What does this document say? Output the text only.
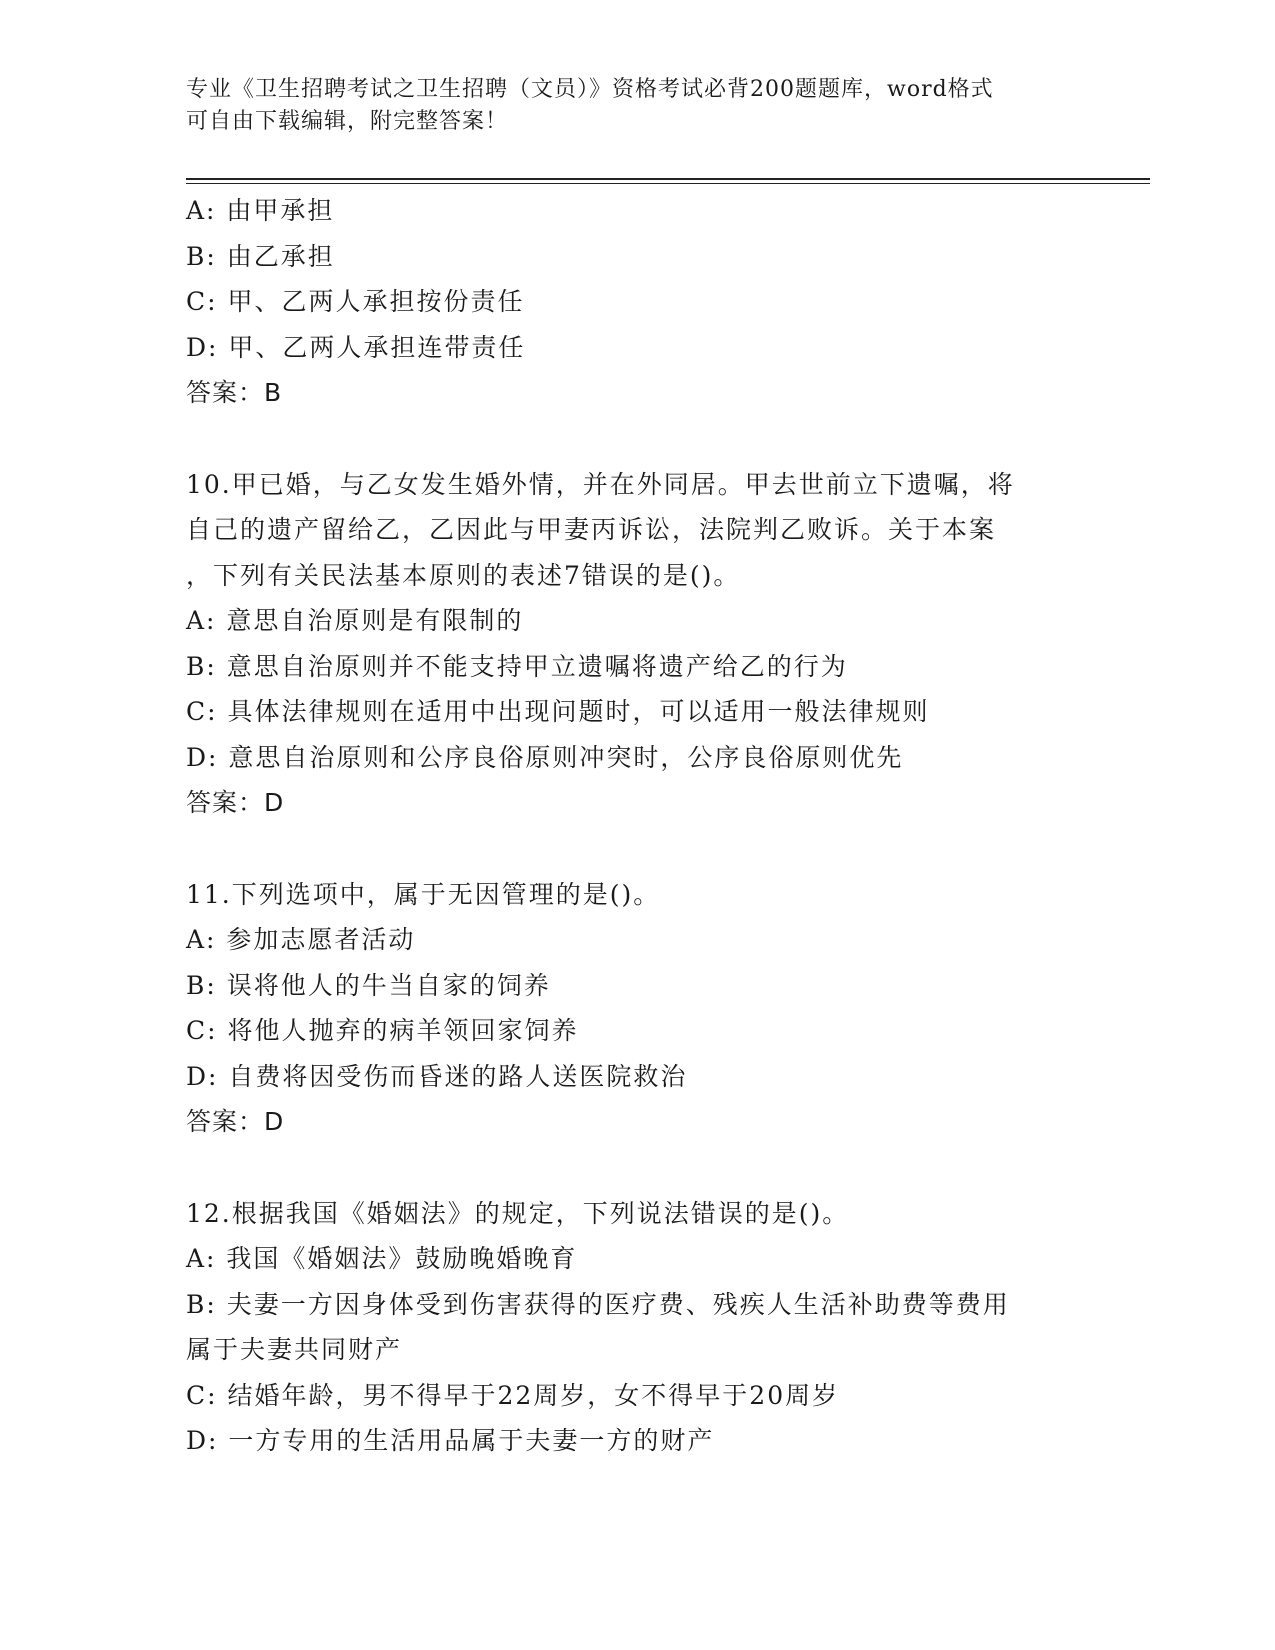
专业《卫生招聘考试之卫生招聘（文员）》资格考试必背200题题库，word格式
可自由下载编辑，附完整答案！
A: 由甲承担
B: 由乙承担
C: 甲、乙两人承担按份责任
D: 甲、乙两人承担连带责任
答案：B
10.甲已婚，与乙女发生婚外情，并在外同居。甲去世前立下遗嘱，将
自己的遗产留给乙，乙因此与甲妻丙诉讼，法院判乙败诉。关于本案
，下列有关民法基本原则的表述7错误的是()。
A: 意思自治原则是有限制的
B: 意思自治原则并不能支持甲立遗嘱将遗产给乙的行为
C: 具体法律规则在适用中出现问题时，可以适用一般法律规则
D: 意思自治原则和公序良俗原则冲突时，公序良俗原则优先
答案：D
11.下列选项中，属于无因管理的是()。
A: 参加志愿者活动
B: 误将他人的牛当自家的饲养
C: 将他人抛弃的病羊领回家饲养
D: 自费将因受伤而昏迷的路人送医院救治
答案：D
12.根据我国《婚姻法》的规定，下列说法错误的是()。
A: 我国《婚姻法》鼓励晚婚晚育
B: 夫妻一方因身体受到伤害获得的医疗费、残疾人生活补助费等费用
属于夫妻共同财产
C: 结婚年龄，男不得早于22周岁，女不得早于20周岁
D: 一方专用的生活用品属于夫妻一方的财产
